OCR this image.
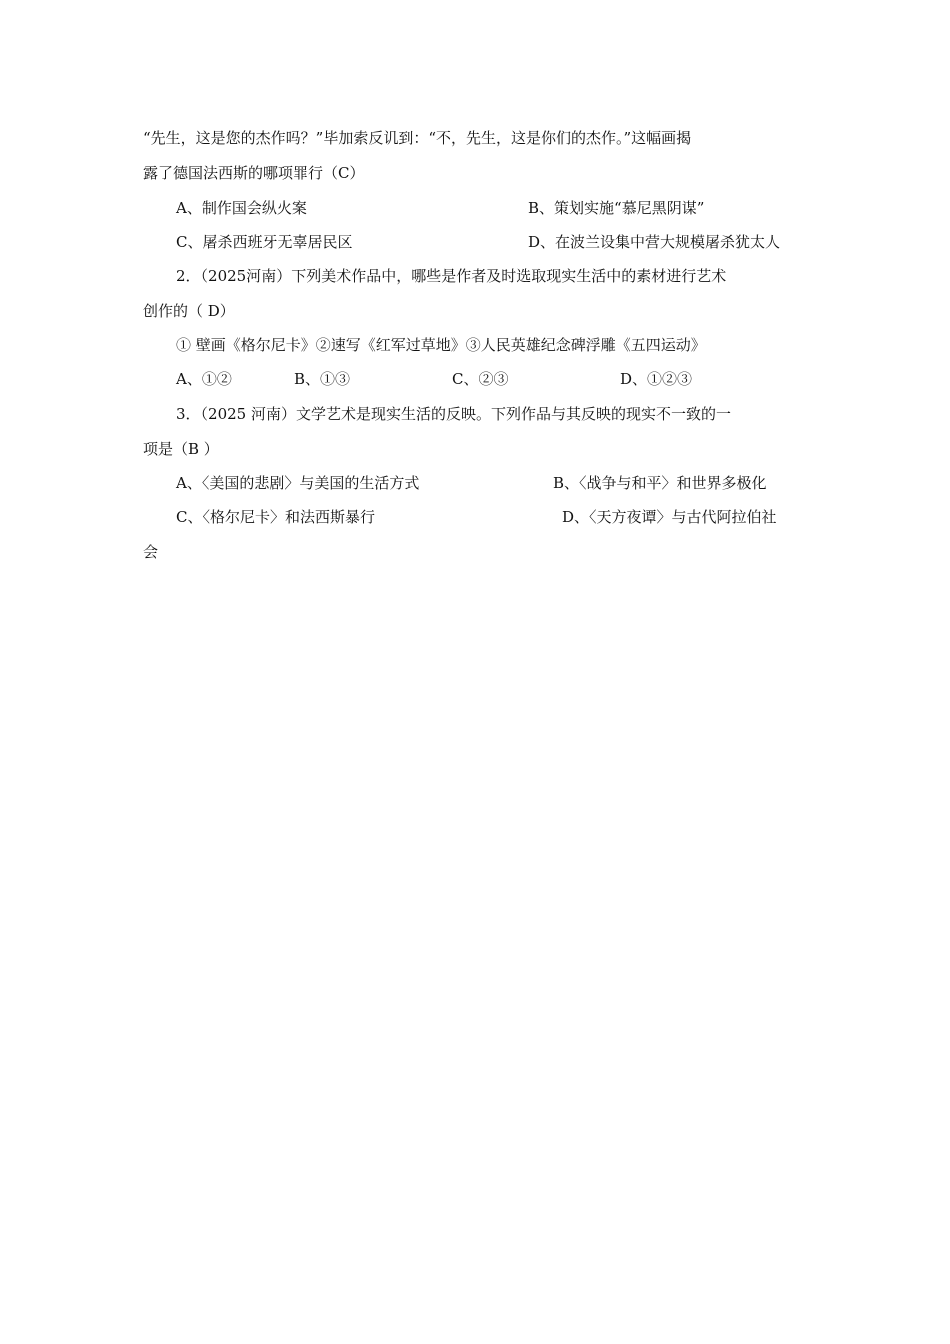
“先生，这是您的杰作吗？”毕加索反讥到：“不，先生，这是你们的杰作。”这幅画揭
露了德国法西斯的哪项罪行（C）
A、制作国会纵火案	B、策划实施“慕尼黑阴谋”
C、屠杀西班牙无辜居民区	D、在波兰设集中营大规模屠杀犹太人
2．（2025河南）下列美术作品中，哪些是作者及时选取现实生活中的素材进行艺术
创作的（ D）
① 壁画《格尔尼卡》②速写《红军过草地》③人民英雄纪念碑浮雕《五四运动》
A、①②	B、①③	C、②③	D、①②③
3．（2025 河南）文学艺术是现实生活的反映。下列作品与其反映的现实不一致的一
项是（B ）
A、〈美国的悲剧〉与美国的生活方式	B、〈战争与和平〉和世界多极化
C、〈格尔尼卡〉和法西斯暴行	D、〈天方夜谭〉与古代阿拉伯社
会
